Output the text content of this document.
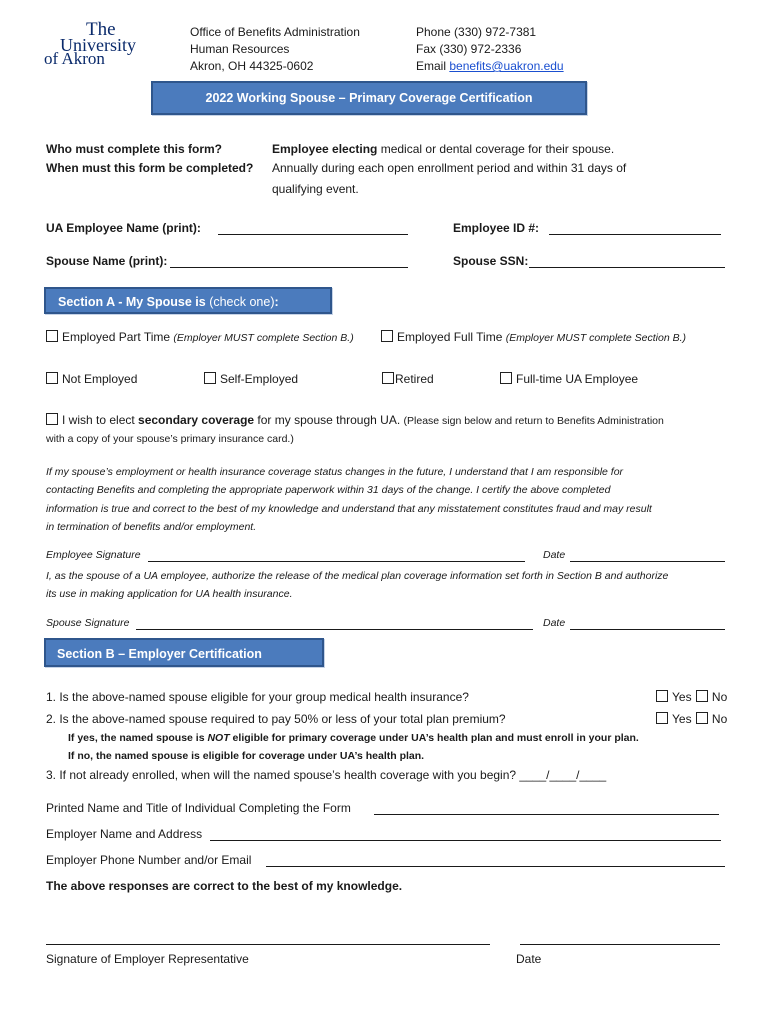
The
University
of Akron
Office of Benefits Administration
Human Resources
Akron, OH 44325-0602
Phone (330) 972-7381
Fax (330) 972-2336
Email benefits@uakron.edu
2022 Working Spouse – Primary Coverage Certification
Who must complete this form?	Employee electing medical or dental coverage for their spouse.
When must this form be completed? Annually during each open enrollment period and within 31 days of
qualifying event.
UA Employee Name (print):	Employee ID #:
Spouse Name (print):	Spouse SSN:
Section A - My Spouse is (check one):
Employed Part Time (Employer MUST complete Section B.)	Employed Full Time (Employer MUST complete Section B.)
Not Employed	Self-Employed	Retired	Full-time UA Employee
I wish to elect secondary coverage for my spouse through UA. (Please sign below and return to Benefits Administration
with a copy of your spouse’s primary insurance card.)
If my spouse’s employment or health insurance coverage status changes in the future, I understand that I am responsible for
contacting Benefits and completing the appropriate paperwork within 31 days of the change. I certify the above completed
information is true and correct to the best of my knowledge and understand that any misstatement constitutes fraud and may result
in termination of benefits and/or employment.
Employee Signature	Date
I, as the spouse of a UA employee, authorize the release of the medical plan coverage information set forth in Section B and authorize
its use in making application for UA health insurance.
Spouse Signature	Date
Section B – Employer Certification
1. Is the above-named spouse eligible for your group medical health insurance?	Yes No
2. Is the above-named spouse required to pay 50% or less of your total plan premium?	Yes No
If yes, the named spouse is NOT eligible for primary coverage under UA’s health plan and must enroll in your plan.
If no, the named spouse is eligible for coverage under UA’s health plan.
3. If not already enrolled, when will the named spouse’s health coverage with you begin? ____/____/____
Printed Name and Title of Individual Completing the Form
Employer Name and Address
Employer Phone Number and/or Email
The above responses are correct to the best of my knowledge.
Signature of Employer Representative	Date
